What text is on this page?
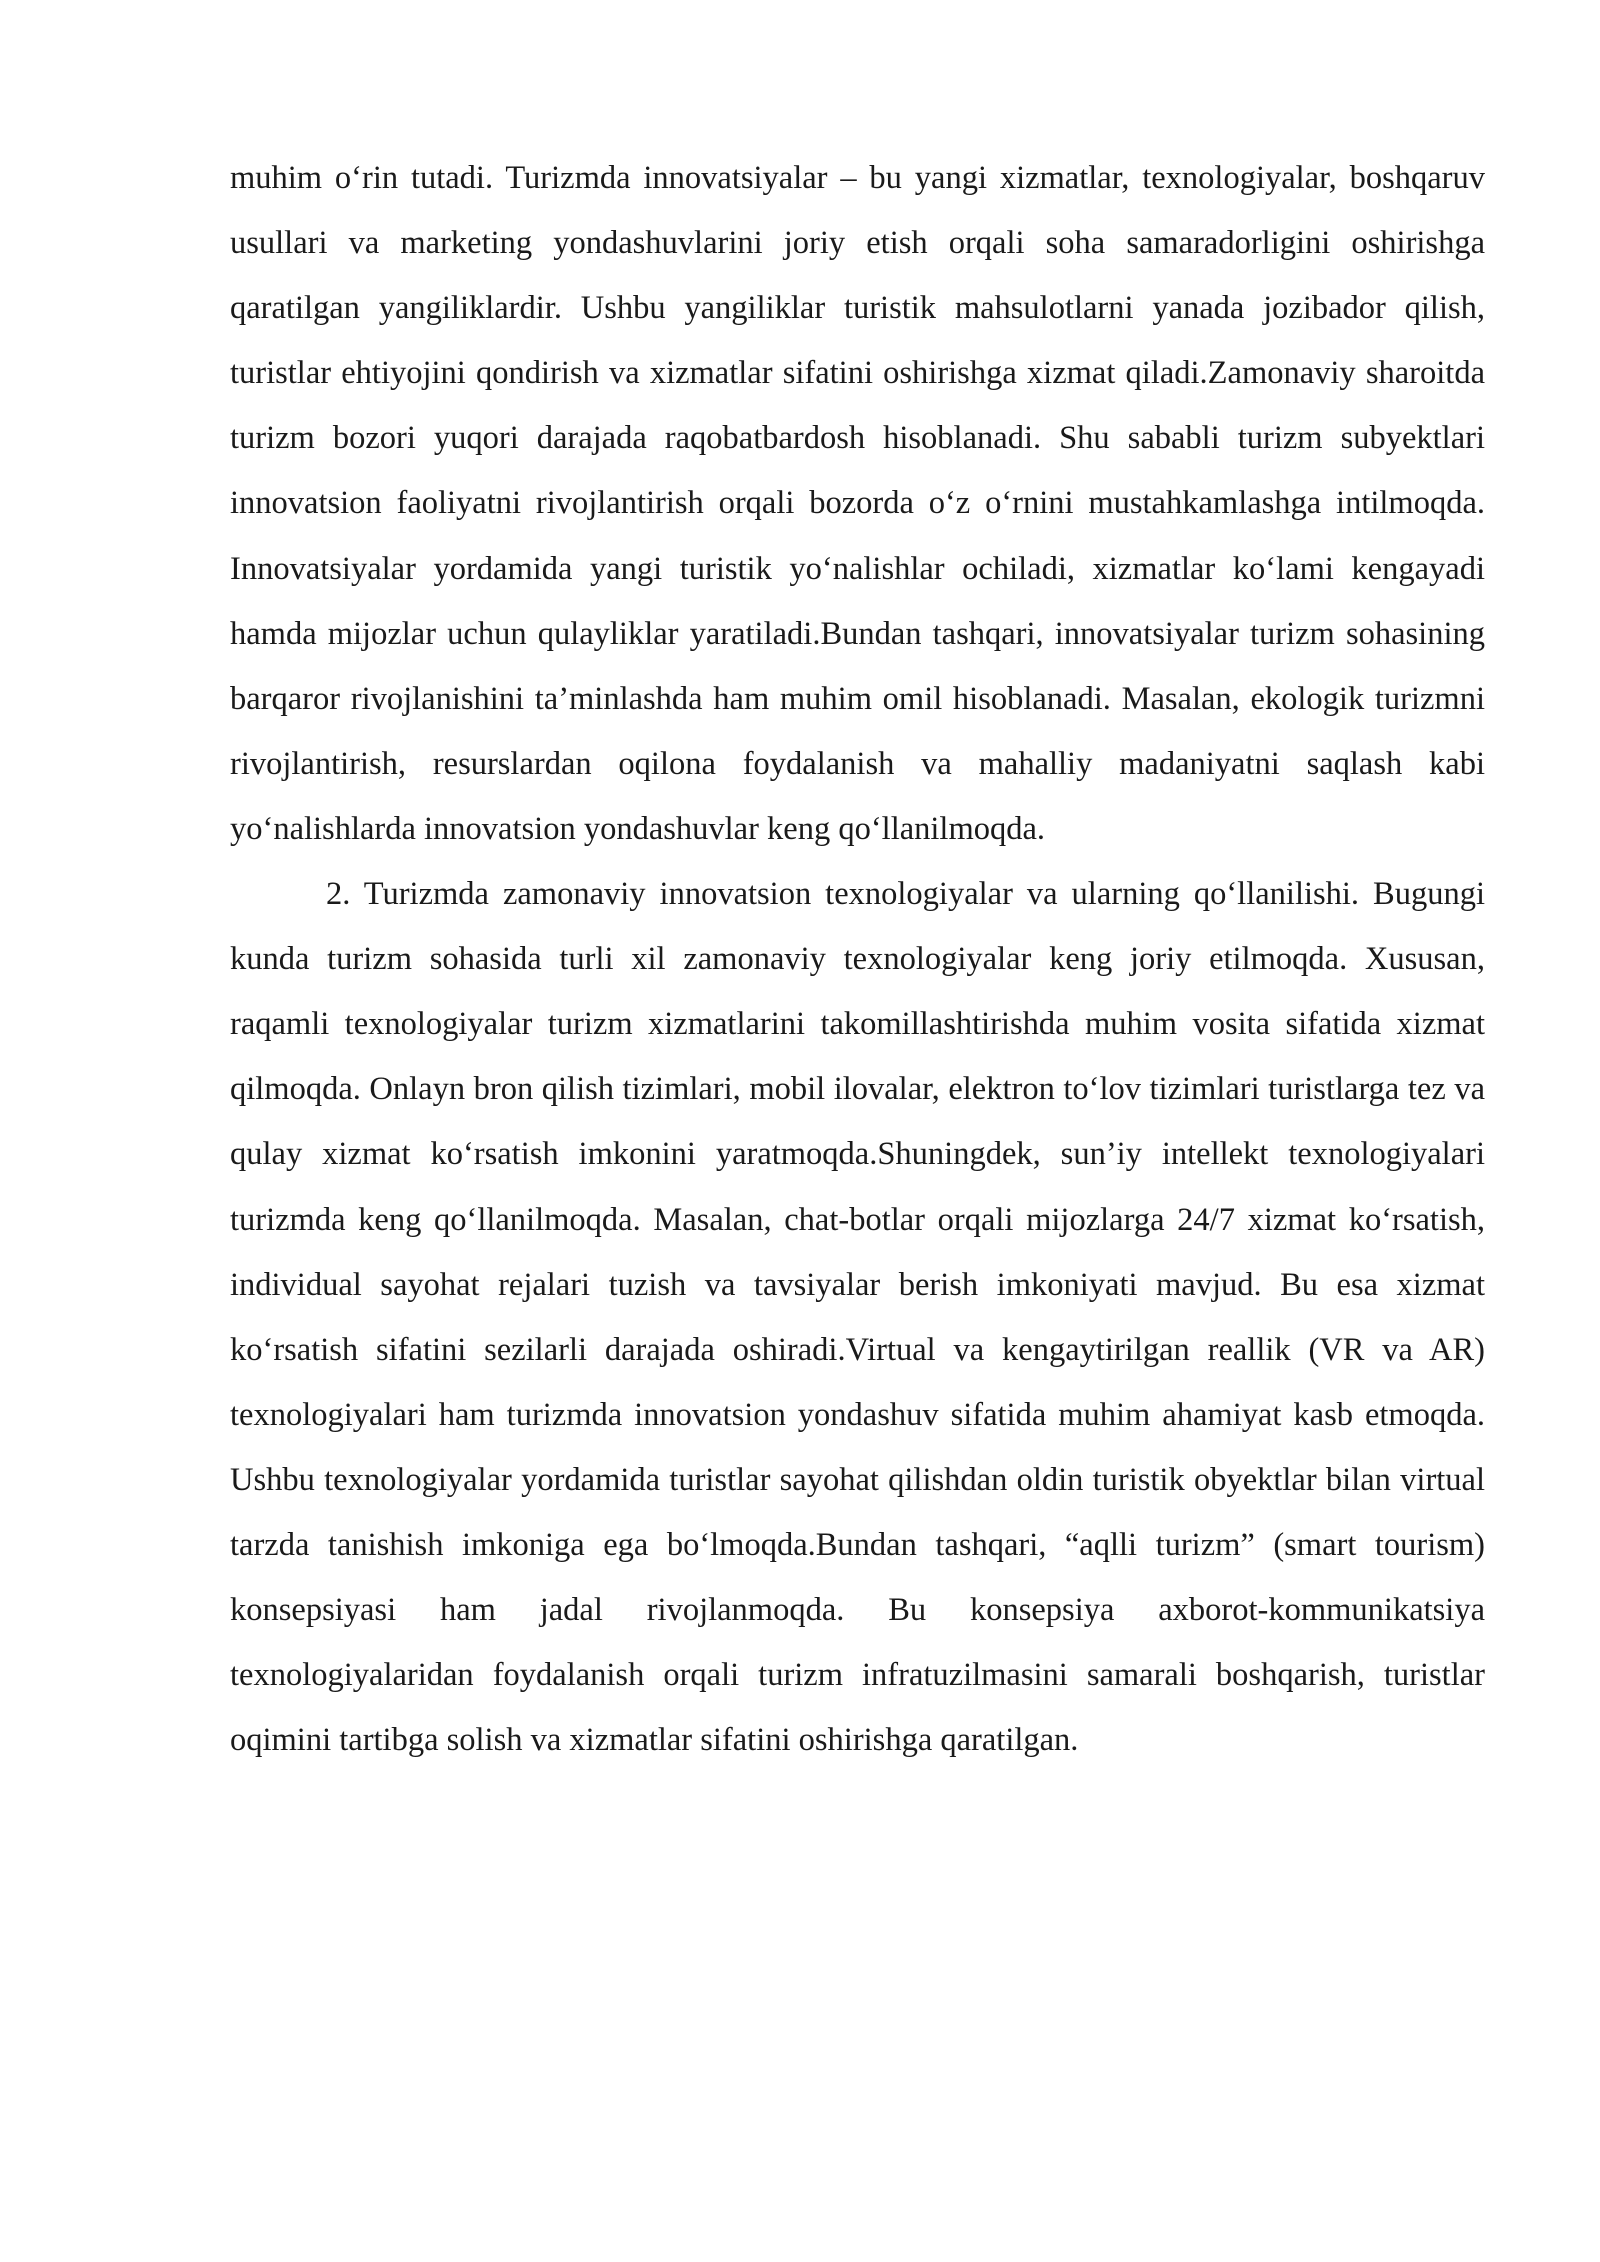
muhim o‘rin tutadi. Turizmda innovatsiyalar – bu yangi xizmatlar, texnologiyalar, boshqaruv usullari va marketing yondashuvlarini joriy etish orqali soha samaradorligini oshirishga qaratilgan yangiliklardir. Ushbu yangiliklar turistik mahsulotlarni yanada jozibador qilish, turistlar ehtiyojini qondirish va xizmatlar sifatini oshirishga xizmat qiladi.Zamonaviy sharoitda turizm bozori yuqori darajada raqobatbardosh hisoblanadi. Shu sababli turizm subyektlari innovatsion faoliyatni rivojlantirish orqali bozorda o‘z o‘rnini mustahkamlashga intilmoqda. Innovatsiyalar yordamida yangi turistik yo‘nalishlar ochiladi, xizmatlar ko‘lami kengayadi hamda mijozlar uchun qulayliklar yaratiladi.Bundan tashqari, innovatsiyalar turizm sohasining barqaror rivojlanishini ta’minlashda ham muhim omil hisoblanadi. Masalan, ekologik turizmni rivojlantirish, resurslardan oqilona foydalanish va mahalliy madaniyatni saqlash kabi yo‘nalishlarda innovatsion yondashuvlar keng qo‘llanilmoqda.

2. Turizmda zamonaviy innovatsion texnologiyalar va ularning qo‘llanilishi. Bugungi kunda turizm sohasida turli xil zamonaviy texnologiyalar keng joriy etilmoqda. Xususan, raqamli texnologiyalar turizm xizmatlarini takomillashtirishda muhim vosita sifatida xizmat qilmoqda. Onlayn bron qilish tizimlari, mobil ilovalar, elektron to‘lov tizimlari turistlarga tez va qulay xizmat ko‘rsatish imkonini yaratmoqda.Shuningdek, sun’iy intellekt texnologiyalari turizmda keng qo‘llanilmoqda. Masalan, chat-botlar orqali mijozlarga 24/7 xizmat ko‘rsatish, individual sayohat rejalari tuzish va tavsiyalar berish imkoniyati mavjud. Bu esa xizmat ko‘rsatish sifatini sezilarli darajada oshiradi.Virtual va kengaytirilgan reallik (VR va AR) texnologiyalari ham turizmda innovatsion yondashuv sifatida muhim ahamiyat kasb etmoqda. Ushbu texnologiyalar yordamida turistlar sayohat qilishdan oldin turistik obyektlar bilan virtual tarzda tanishish imkoniga ega bo‘lmoqda.Bundan tashqari, “aqlli turizm” (smart tourism) konsepsiyasi ham jadal rivojlanmoqda. Bu konsepsiya axborot-kommunikatsiya texnologiyalaridan foydalanish orqali turizm infratuzilmasini samarali boshqarish, turistlar oqimini tartibga solish va xizmatlar sifatini oshirishga qaratilgan.
